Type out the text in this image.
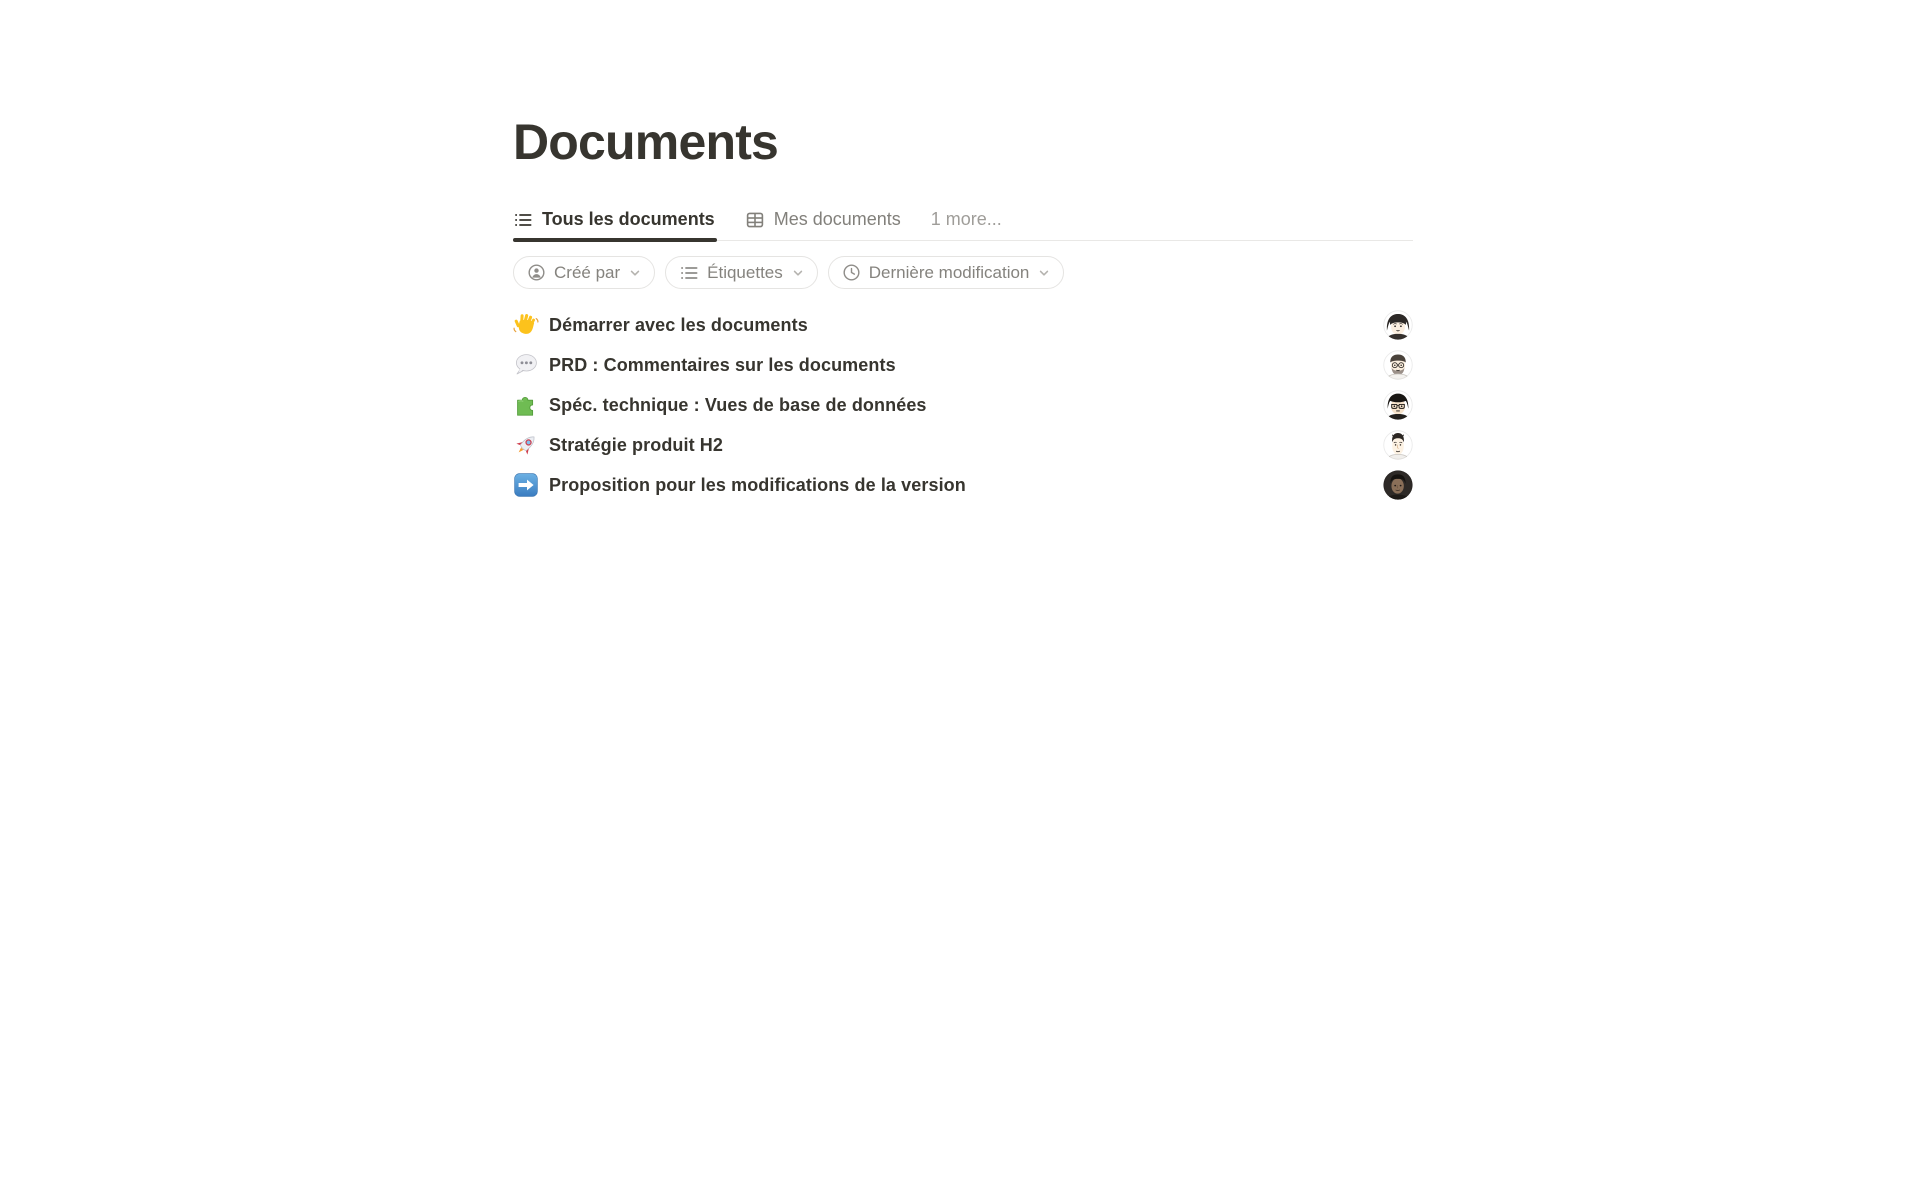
Documents
Tous les documents	Mes documents 1 more...
Créé par	Étiquettes	Dernière modification
Démarrer avec les documents
PRD : Commentaires sur les documents
Spéc. technique : Vues de base de données
Stratégie produit H2
Proposition pour les modifications de la version
